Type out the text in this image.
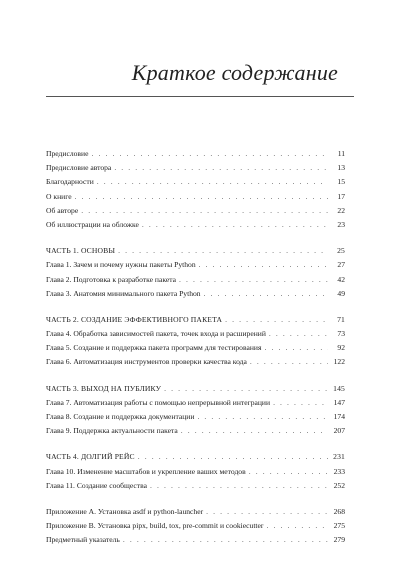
Краткое содержание
Предисловие . . .	11
Предисловие автора . . .	13
Благодарности . . .	15
О книге . . .	17
Об авторе . . .	22
Об иллюстрации на обложке . . .	23
ЧАСТЬ 1. ОСНОВЫ . . .	25
Глава 1. Зачем и почему нужны пакеты Python . . .	27
Глава 2. Подготовка к разработке пакета . . .	42
Глава 3. Анатомия минимального пакета Python . . .	49
ЧАСТЬ 2. СОЗДАНИЕ ЭФФЕКТИВНОГО ПАКЕТА . . .	71
Глава 4. Обработка зависимостей пакета, точек входа и расширений . . .	73
Глава 5. Создание и поддержка пакета программ для тестирования . . .	92
Глава 6. Автоматизация инструментов проверки качества кода . . .	122
ЧАСТЬ 3. ВЫХОД НА ПУБЛИКУ . . .	145
Глава 7. Автоматизация работы с помощью непрерывной интеграции . . .	147
Глава 8. Создание и поддержка документации . . .	174
Глава 9. Поддержка актуальности пакета . . .	207
ЧАСТЬ 4. ДОЛГИЙ РЕЙС . . .	231
Глава 10. Изменение масштабов и укрепление ваших методов . . .	233
Глава 11. Создание сообщества . . .	252
Приложение А. Установка asdf и python-launcher . . .	268
Приложение В. Установка pipx, build, tox, pre-commit и cookiecutter . . .	275
Предметный указатель . . .	279
